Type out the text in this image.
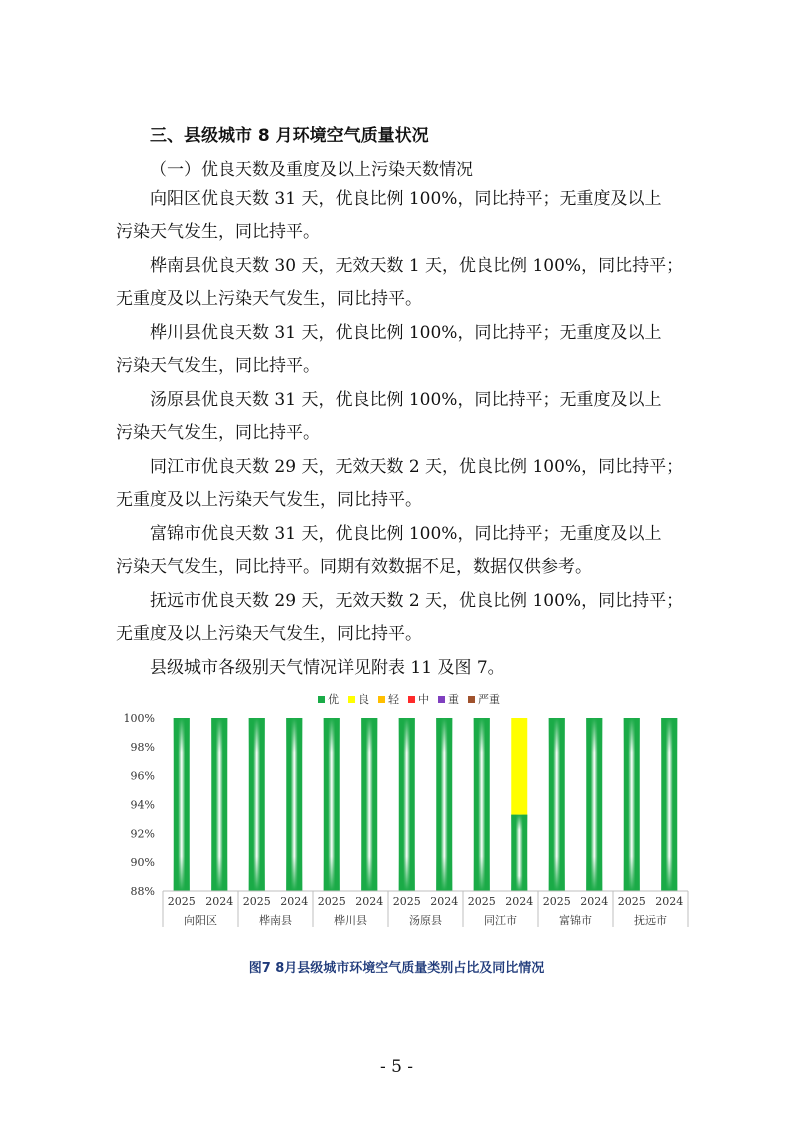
三、县级城市 8 月环境空气质量状况
（一）优良天数及重度及以上污染天数情况
向阳区优良天数 31 天，优良比例 100%，同比持平；无重度及以上
污染天气发生，同比持平。
桦南县优良天数 30 天，无效天数 1 天，优良比例 100%，同比持平；
无重度及以上污染天气发生，同比持平。
桦川县优良天数 31 天，优良比例 100%，同比持平；无重度及以上
污染天气发生，同比持平。
汤原县优良天数 31 天，优良比例 100%，同比持平；无重度及以上
污染天气发生，同比持平。
同江市优良天数 29 天，无效天数 2 天，优良比例 100%，同比持平；
无重度及以上污染天气发生，同比持平。
富锦市优良天数 31 天，优良比例 100%，同比持平；无重度及以上
污染天气发生，同比持平。同期有效数据不足，数据仅供参考。
抚远市优良天数 29 天，无效天数 2 天，优良比例 100%，同比持平；
无重度及以上污染天气发生，同比持平。
县级城市各级别天气情况详见附表 11 及图 7。
优 良 轻 中 重 严重
88%
90%
92%
94%
96%
98%
100%
2025 2024 2025 2024 2025 2024 2025 2024 2025 2024 2025 2024 2025 2024
向阳区	桦南县	桦川县	汤原县	同江市	富锦市	抚远市
图7 8月县级城市环境空气质量类别占比及同比情况
- 5 -
